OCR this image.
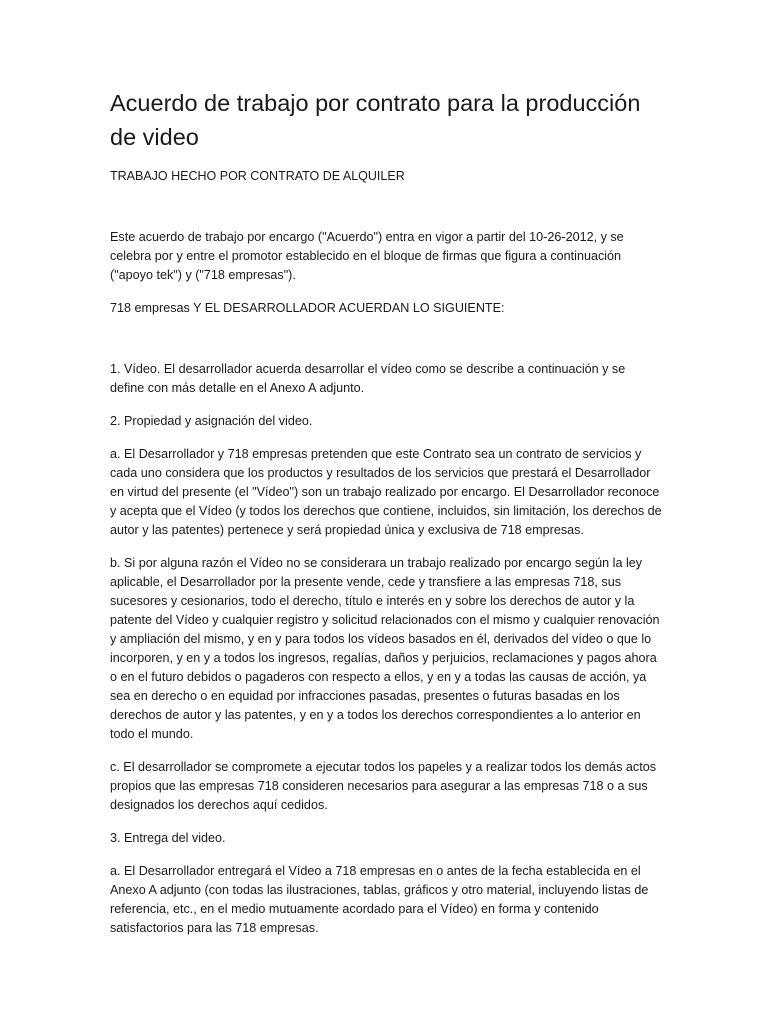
Acuerdo de trabajo por contrato para la producción de video

TRABAJO HECHO POR CONTRATO DE ALQUILER

Este acuerdo de trabajo por encargo ("Acuerdo") entra en vigor a partir del 10-26-2012, y se celebra por y entre el promotor establecido en el bloque de firmas que figura a continuación ("apoyo tek") y ("718 empresas").

718 empresas Y EL DESARROLLADOR ACUERDAN LO SIGUIENTE:

1. Vídeo. El desarrollador acuerda desarrollar el vídeo como se describe a continuación y se define con más detalle en el Anexo A adjunto.

2. Propiedad y asignación del video.

a. El Desarrollador y 718 empresas pretenden que este Contrato sea un contrato de servicios y cada uno considera que los productos y resultados de los servicios que prestará el Desarrollador en virtud del presente (el "Vídeo") son un trabajo realizado por encargo. El Desarrollador reconoce y acepta que el Vídeo (y todos los derechos que contiene, incluidos, sin limitación, los derechos de autor y las patentes) pertenece y será propiedad única y exclusiva de 718 empresas.

b. Si por alguna razón el Vídeo no se considerara un trabajo realizado por encargo según la ley aplicable, el Desarrollador por la presente vende, cede y transfiere a las empresas 718, sus sucesores y cesionarios, todo el derecho, título e interés en y sobre los derechos de autor y la patente del Vídeo y cualquier registro y solicitud relacionados con el mismo y cualquier renovación y ampliación del mismo, y en y para todos los vídeos basados en él, derivados del vídeo o que lo incorporen, y en y a todos los ingresos, regalías, daños y perjuicios, reclamaciones y pagos ahora o en el futuro debidos o pagaderos con respecto a ellos, y en y a todas las causas de acción, ya sea en derecho o en equidad por infracciones pasadas, presentes o futuras basadas en los derechos de autor y las patentes, y en y a todos los derechos correspondientes a lo anterior en todo el mundo.

c. El desarrollador se compromete a ejecutar todos los papeles y a realizar todos los demás actos propios que las empresas 718 consideren necesarios para asegurar a las empresas 718 o a sus designados los derechos aquí cedidos.

3. Entrega del video.

a. El Desarrollador entregará el Vídeo a 718 empresas en o antes de la fecha establecida en el Anexo A adjunto (con todas las ilustraciones, tablas, gráficos y otro material, incluyendo listas de referencia, etc., en el medio mutuamente acordado para el Vídeo) en forma y contenido satisfactorios para las 718 empresas.
